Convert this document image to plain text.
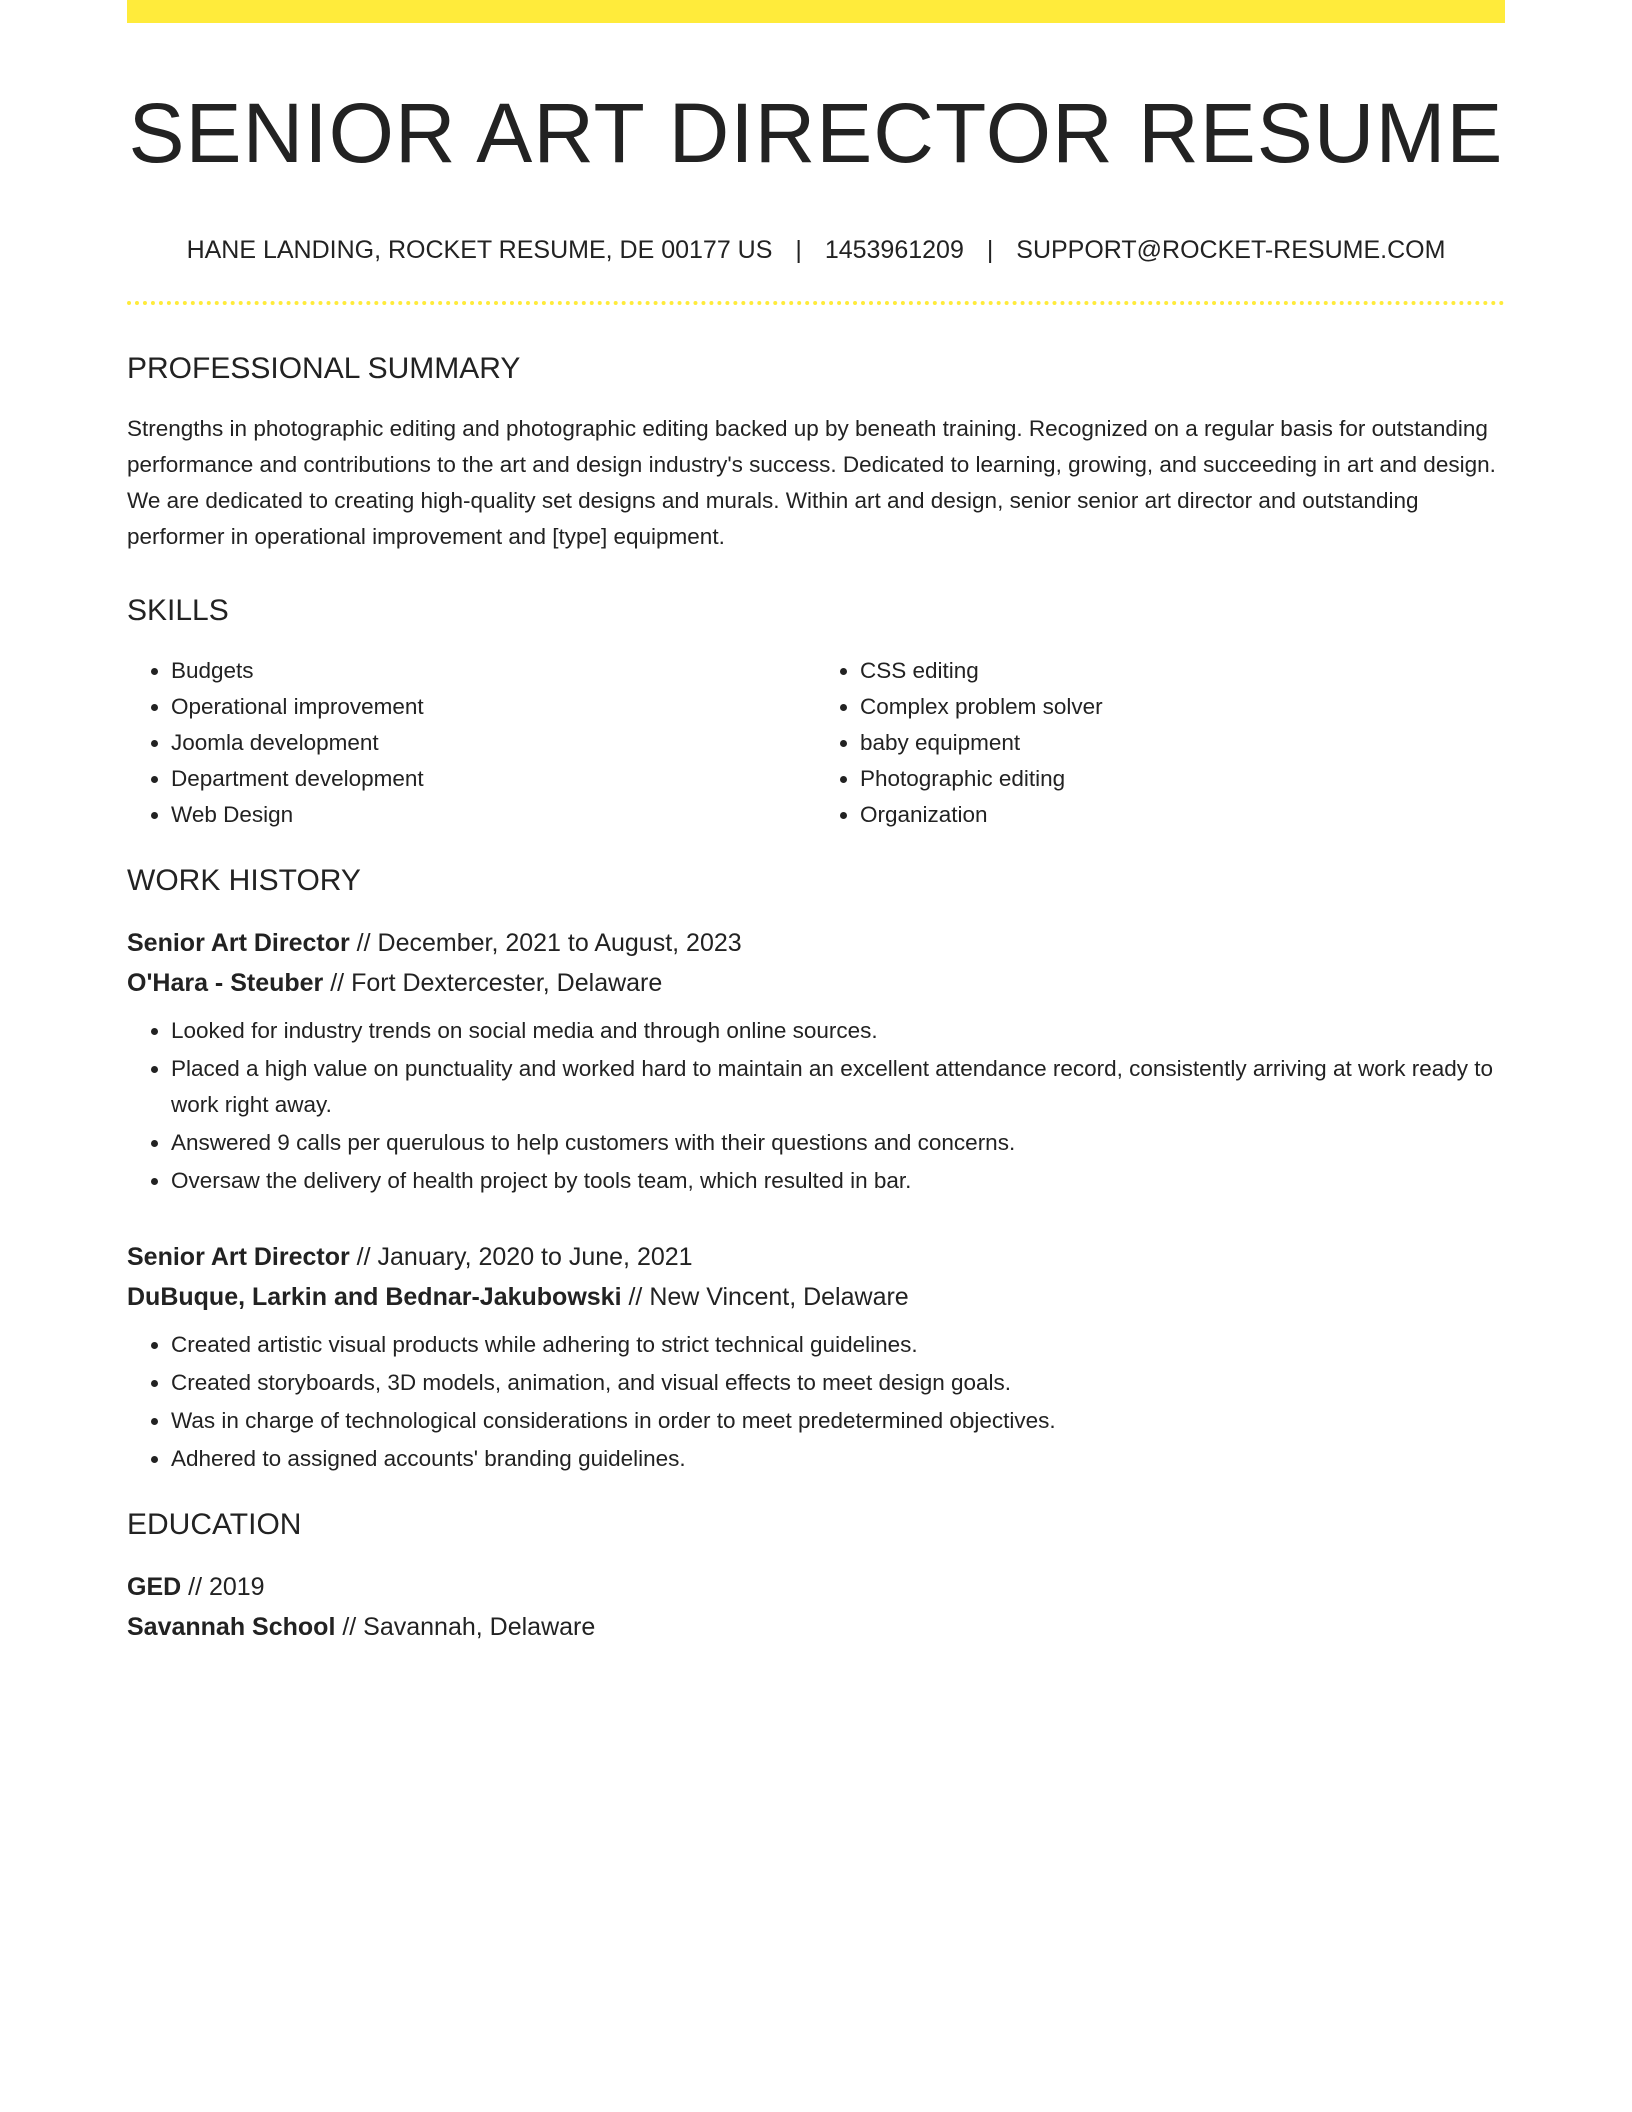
SENIOR ART DIRECTOR RESUME
HANE LANDING, ROCKET RESUME, DE 00177 US | 1453961209 | SUPPORT@ROCKET-RESUME.COM
PROFESSIONAL SUMMARY

Strengths in photographic editing and photographic editing backed up by beneath training. Recognized on a regular basis for outstanding performance and contributions to the art and design industry's success. Dedicated to learning, growing, and succeeding in art and design. We are dedicated to creating high-quality set designs and murals. Within art and design, senior senior art director and outstanding performer in operational improvement and [type] equipment.

SKILLS
• Budgets
• Operational improvement
• Joomla development
• Department development
• Web Design
• CSS editing
• Complex problem solver
• baby equipment
• Photographic editing
• Organization
WORK HISTORY
Senior Art Director // December, 2021 to August, 2023
O'Hara - Steuber // Fort Dextercester, Delaware
• Looked for industry trends on social media and through online sources.
• Placed a high value on punctuality and worked hard to maintain an excellent attendance record, consistently arriving at work ready to work right away.
• Answered 9 calls per querulous to help customers with their questions and concerns.
• Oversaw the delivery of health project by tools team, which resulted in bar.
Senior Art Director // January, 2020 to June, 2021
DuBuque, Larkin and Bednar-Jakubowski // New Vincent, Delaware
• Created artistic visual products while adhering to strict technical guidelines.
• Created storyboards, 3D models, animation, and visual effects to meet design goals.
• Was in charge of technological considerations in order to meet predetermined objectives.
• Adhered to assigned accounts' branding guidelines.
EDUCATION
GED // 2019
Savannah School // Savannah, Delaware
